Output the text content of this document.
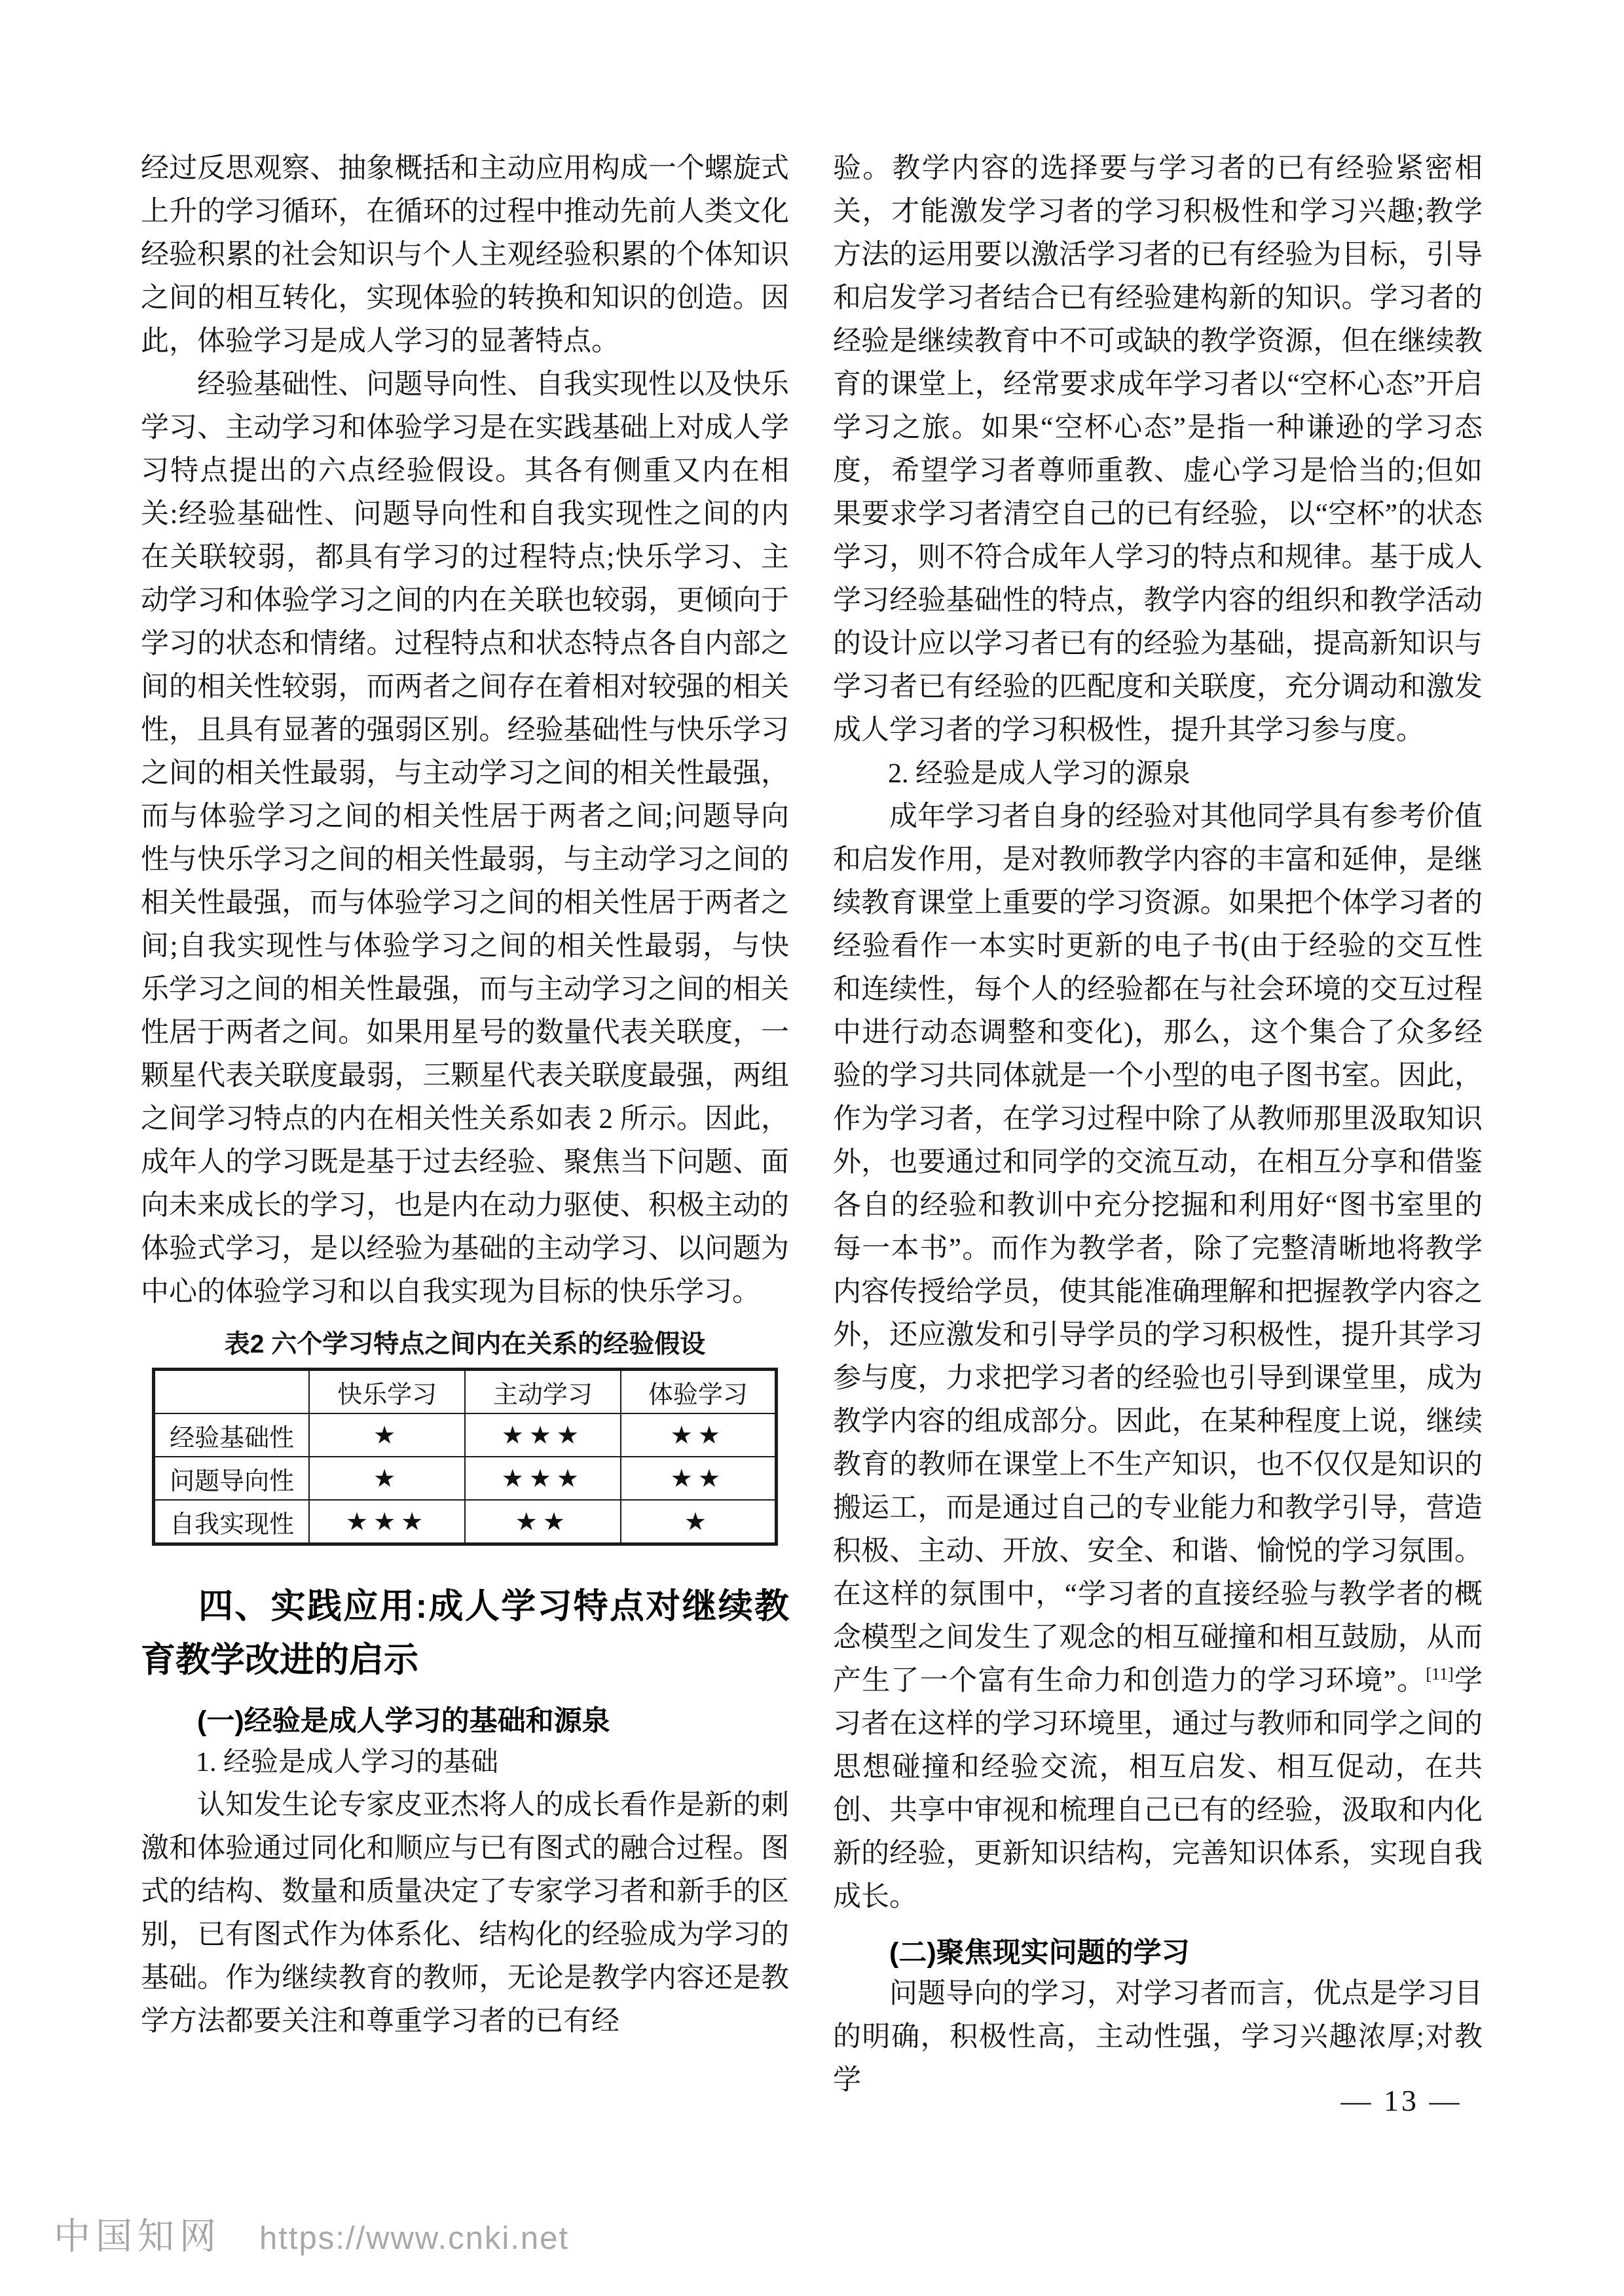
经过反思观察、抽象概括和主动应用构成一个螺旋式上升的学习循环，在循环的过程中推动先前人类文化经验积累的社会知识与个人主观经验积累的个体知识之间的相互转化，实现体验的转换和知识的创造。因此，体验学习是成人学习的显著特点。

经验基础性、问题导向性、自我实现性以及快乐学习、主动学习和体验学习是在实践基础上对成人学习特点提出的六点经验假设。其各有侧重又内在相关:经验基础性、问题导向性和自我实现性之间的内在关联较弱，都具有学习的过程特点;快乐学习、主动学习和体验学习之间的内在关联也较弱，更倾向于学习的状态和情绪。过程特点和状态特点各自内部之间的相关性较弱，而两者之间存在着相对较强的相关性，且具有显著的强弱区别。经验基础性与快乐学习之间的相关性最弱，与主动学习之间的相关性最强，而与体验学习之间的相关性居于两者之间;问题导向性与快乐学习之间的相关性最弱，与主动学习之间的相关性最强，而与体验学习之间的相关性居于两者之间;自我实现性与体验学习之间的相关性最弱，与快乐学习之间的相关性最强，而与主动学习之间的相关性居于两者之间。如果用星号的数量代表关联度，一颗星代表关联度最弱，三颗星代表关联度最强，两组之间学习特点的内在相关性关系如表 2 所示。因此，成年人的学习既是基于过去经验、聚焦当下问题、面向未来成长的学习，也是内在动力驱使、积极主动的体验式学习，是以经验为基础的主动学习、以问题为中心的体验学习和以自我实现为目标的快乐学习。

表2 六个学习特点之间内在关系的经验假设
	快乐学习	主动学习	体验学习
经验基础性	★	★★★	★★
问题导向性	★	★★★	★★
自我实现性	★★★	★★	★
四、实践应用:成人学习特点对继续教育教学改进的启示
(一)经验是成人学习的基础和源泉

1. 经验是成人学习的基础

认知发生论专家皮亚杰将人的成长看作是新的刺激和体验通过同化和顺应与已有图式的融合过程。图式的结构、数量和质量决定了专家学习者和新手的区别，已有图式作为体系化、结构化的经验成为学习的基础。作为继续教育的教师，无论是教学内容还是教学方法都要关注和尊重学习者的已有经

验。教学内容的选择要与学习者的已有经验紧密相关，才能激发学习者的学习积极性和学习兴趣;教学方法的运用要以激活学习者的已有经验为目标，引导和启发学习者结合已有经验建构新的知识。学习者的经验是继续教育中不可或缺的教学资源，但在继续教育的课堂上，经常要求成年学习者以“空杯心态”开启学习之旅。如果“空杯心态”是指一种谦逊的学习态度，希望学习者尊师重教、虚心学习是恰当的;但如果要求学习者清空自己的已有经验，以“空杯”的状态学习，则不符合成年人学习的特点和规律。基于成人学习经验基础性的特点，教学内容的组织和教学活动的设计应以学习者已有的经验为基础，提高新知识与学习者已有经验的匹配度和关联度，充分调动和激发成人学习者的学习积极性，提升其学习参与度。

2. 经验是成人学习的源泉

成年学习者自身的经验对其他同学具有参考价值和启发作用，是对教师教学内容的丰富和延伸，是继续教育课堂上重要的学习资源。如果把个体学习者的经验看作一本实时更新的电子书(由于经验的交互性和连续性，每个人的经验都在与社会环境的交互过程中进行动态调整和变化)，那么，这个集合了众多经验的学习共同体就是一个小型的电子图书室。因此，作为学习者，在学习过程中除了从教师那里汲取知识外，也要通过和同学的交流互动，在相互分享和借鉴各自的经验和教训中充分挖掘和利用好“图书室里的每一本书”。而作为教学者，除了完整清晰地将教学内容传授给学员，使其能准确理解和把握教学内容之外，还应激发和引导学员的学习积极性，提升其学习参与度，力求把学习者的经验也引导到课堂里，成为教学内容的组成部分。因此，在某种程度上说，继续教育的教师在课堂上不生产知识，也不仅仅是知识的搬运工，而是通过自己的专业能力和教学引导，营造积极、主动、开放、安全、和谐、愉悦的学习氛围。在这样的氛围中，“学习者的直接经验与教学者的概念模型之间发生了观念的相互碰撞和相互鼓励，从而产生了一个富有生命力和创造力的学习环境”。[11]学习者在这样的学习环境里，通过与教师和同学之间的思想碰撞和经验交流，相互启发、相互促动，在共创、共享中审视和梳理自己已有的经验，汲取和内化新的经验，更新知识结构，完善知识体系，实现自我成长。

(二)聚焦现实问题的学习

问题导向的学习，对学习者而言，优点是学习目的明确，积极性高，主动性强，学习兴趣浓厚;对教学

— 13 —
中国知网 https://www.cnki.net
